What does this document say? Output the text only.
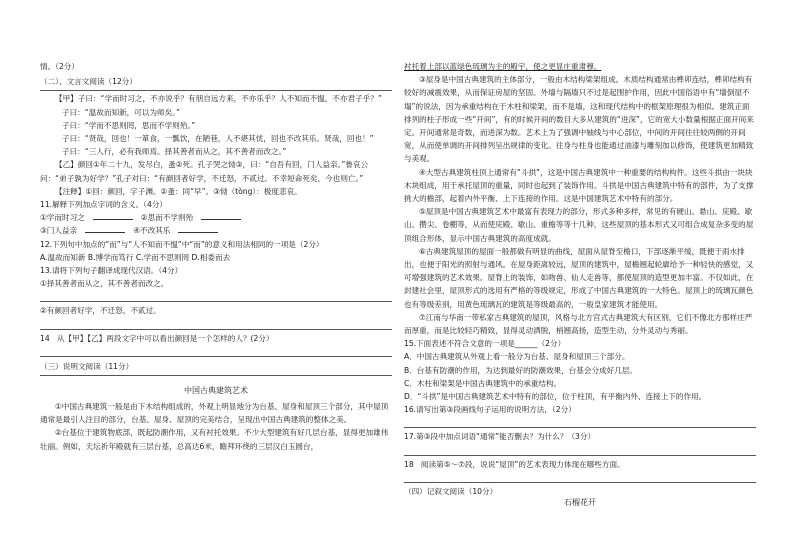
情。（2分）

（二）、文言文阅读（12分）

【甲】子曰：“学而时习之，不亦说乎？有朋自远方来，不亦乐乎？人不知而不愠，不亦君子乎？”

子曰：“温故而知新，可以为师矣。”

子曰：“学而不思则罔，思而不学则殆。”

子曰：“贤哉，回也！一箪食，一瓢饮，在陋巷，人不堪其忧，回也不改其乐。贤哉，回也！”

子曰：“三人行，必有我师焉。择其善者而从之，其不善者而改之。”

【乙】颜回①年二十九，发尽白，蚤②死。孔子哭之恸③，曰：“自吾有回，门人益亲。”鲁哀公问：“弟子孰为好学？”孔子对曰：“有颜回者好学，不迁怒，不贰过。不幸短命死矣，今也则亡。”

【注释】①回：颜回，字子渊。②蚤：同“早”。③恸（tòng）：极度悲哀。

11.解释下列加点字词的含义。（4分）

①学而时习之	②思而不学则殆
③门人益亲	④不改其乐

12.下列句中加点的“而”与“人不知而不愠”中“而”的意义和用法相同的一项是（2分）

A.温故而知新 B.博学而笃行 C.学而不思则罔 D.相委而去

13.请将下列句子翻译成现代汉语。（4分）

①择其善者而从之，其不善者而改之。

②有颜回者好学，不迁怒，不贰过。

14 从【甲】【乙】两段文字中可以看出颜回是一个怎样的人？(2分）

（三）说明文阅读（11分）
中国古典建筑艺术

①中国古典建筑一般是由下木结构组成的，外观上明显地分为台基、屋身和屋顶三个部分，其中屋顶通常是最引人注目的部分，台基、屋身、屋顶的完美结合，呈现出中国古典建筑的整体之美。

②台基位于建筑物底部，既起防潮作用，又有衬托效果。不少大型建筑有好几层台基，显得更加雄伟壮丽。例如，天坛祈年殿就有三层台基，总高达6米，瞻拜环绕的三层汉白玉圆台，

衬托着上部以蓝绿色琉璃为主的殿宇，使之更显庄重肃穆。

③屋身是中国古典建筑的主体部分，一般由木结构梁架组成。木质结构通常由榫卯连结，榫卯结构有较好的减震效果，从而保证房屋的坚固。外墙与隔墙只不过是起围护作用，因此中国俗语中有“墙倒屋不塌”的说法，因为承重结构在于木柱和梁架，而不是墙，这和现代结构中的框架原理很为相似。建筑正面排列的柱子形成一些“开间”，有的时候开间的数目大多从建筑的“进深”，它的宽大小数量根据正面开间来定。开间通常是奇数，而进深为数。艺术上为了强调中轴线与中心部位，中间的开间往往较两侧的开间宽，从而使单调的开间排列呈出规律的变化。往身与柱身也能通过油漆与雕刻加以修饰，使建筑更加精致与美观。

④大型古典建筑柱顶上通常有“斗拱”，这是中国古典建筑中一种重要的结构构件。这些斗拱由一块块木块组成，用于承托屋顶的重量，同时也起到了装饰作用。斗拱是中国古典建筑中特有的部件，为了支撑挑大的檐部，起着内外平衡、上下连接的作用。这是中国建筑艺术中特有的部分。

⑤屋顶是中国古典建筑艺术中最富有表现力的部分，形式多种多样，常见的有硬山、悬山、庑殿、歇山、攒尖、卷棚等，从而使庑殿、歇山、重檐等等十几种，这些屋顶的基本形式又可组合成复杂多变的屋顶组合形体，显示中国古典建筑的高度成就。

⑥古典建筑屋顶的屋面一般都做有明显的曲线，屋面从屋脊至檐口，下部逐渐平缓，既便于雨水排出，也便于阳光的照射与通风。在屋身距离较远，屋顶的建筑中，屋檐翘起轮廓给予一种轻快的感觉，又可增强建筑的艺术效果。屋脊上的装饰，如吻兽、仙人走兽等，都使屋顶的造型更加丰富。不仅如此，在封建社会里，屋顶形式的选用有严格的等级规定，形成了中国古典建筑的一大特色。屋顶上的琉璃瓦颜色也有等级差别，用黄色琉璃瓦的建筑是等级最高的，一般皇家建筑才能使用。

⑦江南与华南一带私家古典建筑的屋顶，风格与北方宫式古典建筑大有区别，它们不像北方那样庄严而厚重，而是比较轻巧精致，显得灵动洒脱，梢翘高扬，造型生动，分外灵动与秀丽。

15.下面表述不符合文意的一项是______（2分）

A．中国古典建筑从外观上看一般分为台基、屋身和屋顶三个部分。

B．台基有防潮的作用，为达到最好的防潮效果，台基会分成好几层。

C．木柱和梁架是中国古典建筑中的承重结构。

D．“斗拱”是中国古典建筑艺术中特有的部位，位于柱顶，有平衡内外、连接上下的作用。

16.请写出第③段画线句子运用的说明方法，（2分）

17.第③段中加点词语“通常”能否删去？为什么？（3分）

18 阅读第⑤～⑦段，说说“屋顶”的艺术表现力体现在哪些方面。

（四）记叙文阅读（10分）
石榴花开
